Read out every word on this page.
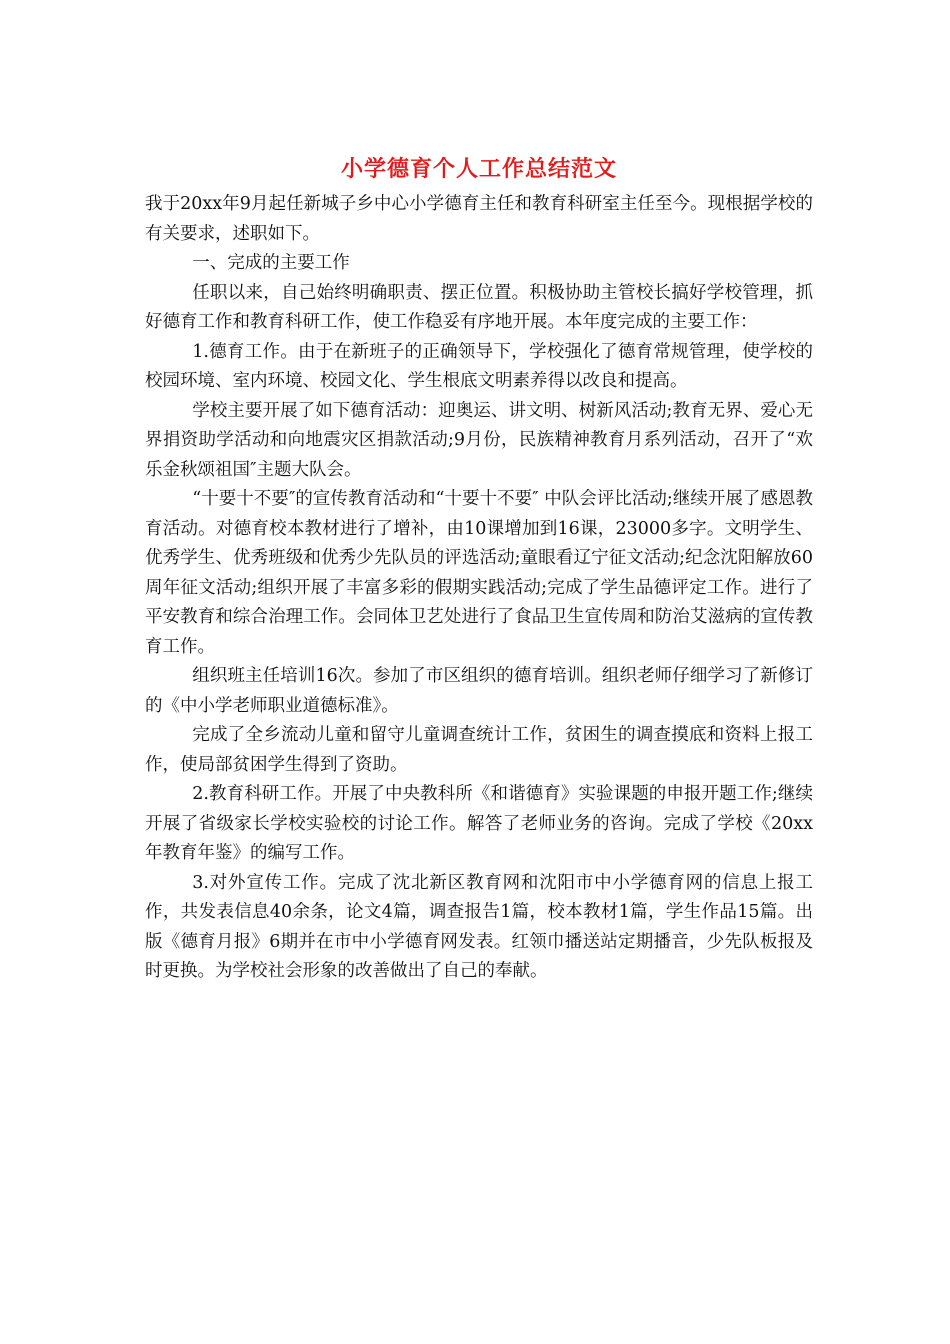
小学德育个人工作总结范文

我于20xx年9月起任新城子乡中心小学德育主任和教育科研室主任至今。现根据学校的有关要求，述职如下。

一、完成的主要工作

任职以来，自己始终明确职责、摆正位置。积极协助主管校长搞好学校管理，抓好德育工作和教育科研工作，使工作稳妥有序地开展。本年度完成的主要工作：

1.德育工作。由于在新班子的正确领导下，学校强化了德育常规管理，使学校的校园环境、室内环境、校园文化、学生根底文明素养得以改良和提高。

学校主要开展了如下德育活动：迎奥运、讲文明、树新风活动;教育无界、爱心无界捐资助学活动和向地震灾区捐款活动;9月份，民族精神教育月系列活动，召开了“欢乐金秋颂祖国″主题大队会。

“十要十不要″的宣传教育活动和“十要十不要″ 中队会评比活动;继续开展了感恩教育活动。对德育校本教材进行了增补，由10课增加到16课，23000多字。文明学生、优秀学生、优秀班级和优秀少先队员的评选活动;童眼看辽宁征文活动;纪念沈阳解放60周年征文活动;组织开展了丰富多彩的假期实践活动;完成了学生品德评定工作。进行了平安教育和综合治理工作。会同体卫艺处进行了食品卫生宣传周和防治艾滋病的宣传教育工作。

组织班主任培训16次。参加了市区组织的德育培训。组织老师仔细学习了新修订的《中小学老师职业道德标准》。

完成了全乡流动儿童和留守儿童调查统计工作，贫困生的调查摸底和资料上报工作，使局部贫困学生得到了资助。

2.教育科研工作。开展了中央教科所《和谐德育》实验课题的申报开题工作;继续开展了省级家长学校实验校的讨论工作。解答了老师业务的咨询。完成了学校《20xx年教育年鉴》的编写工作。

3.对外宣传工作。完成了沈北新区教育网和沈阳市中小学德育网的信息上报工作，共发表信息40余条，论文4篇，调查报告1篇，校本教材1篇，学生作品15篇。出版《德育月报》6期并在市中小学德育网发表。红领巾播送站定期播音，少先队板报及时更换。为学校社会形象的改善做出了自己的奉献。
